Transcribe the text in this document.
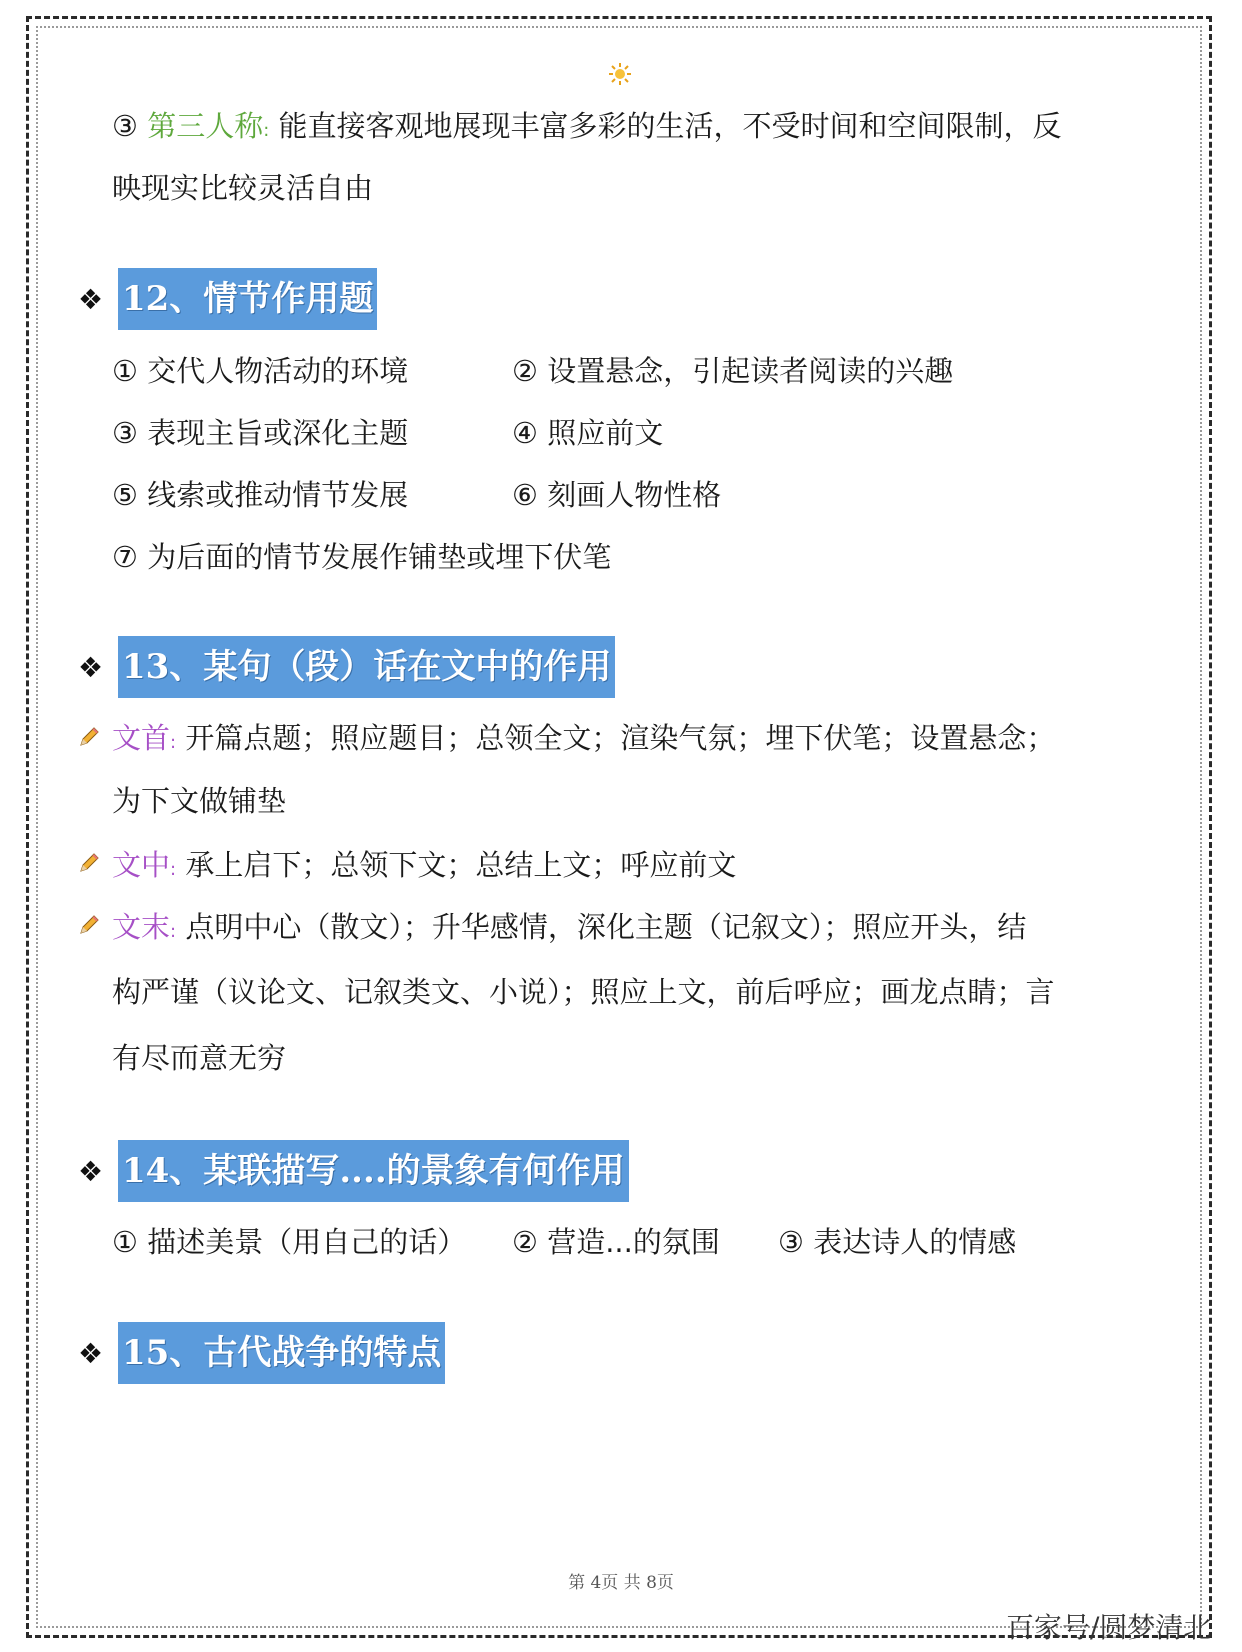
③ 第三人称: 能直接客观地展现丰富多彩的生活，不受时间和空间限制，反
映现实比较灵活自由
❖ 12、情节作用题
① 交代人物活动的环境	② 设置悬念，引起读者阅读的兴趣
③ 表现主旨或深化主题	④ 照应前文
⑤ 线索或推动情节发展	⑥ 刻画人物性格
⑦ 为后面的情节发展作铺垫或埋下伏笔
❖ 13、某句（段）话在文中的作用
文首: 开篇点题；照应题目；总领全文；渲染气氛；埋下伏笔；设置悬念；
为下文做铺垫
文中: 承上启下；总领下文；总结上文；呼应前文
文末: 点明中心（散文）；升华感情，深化主题（记叙文）；照应开头，结
构严谨（议论文、记叙类文、小说）；照应上文，前后呼应；画龙点睛；言
有尽而意无穷
❖ 14、某联描写....的景象有何作用
① 描述美景（用自己的话） ② 营造...的氛围 ③ 表达诗人的情感
❖ 15、古代战争的特点
第 4页 共 8页
百家号/圆梦清北
